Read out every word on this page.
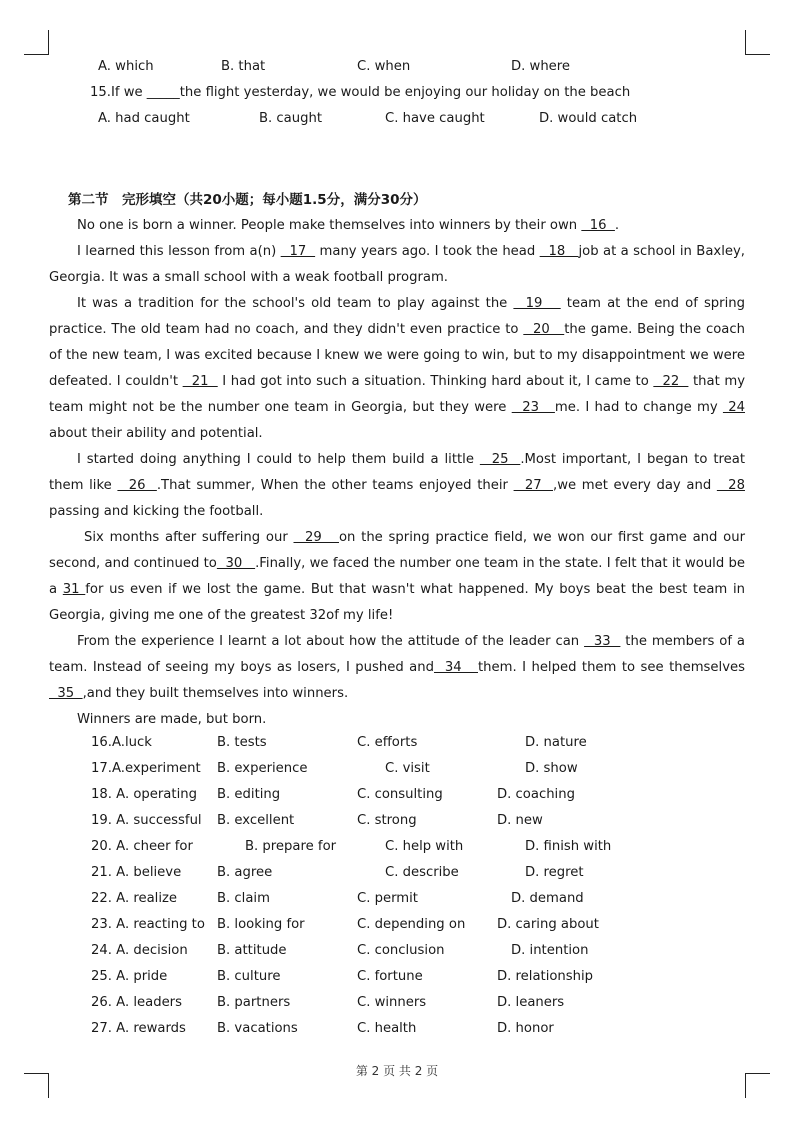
A. which	B. that	C. when	D. where
15.If we _____the flight yesterday, we would be enjoying our holiday on the beach
A. had caught	B. caught	C. have caught	D. would catch
第二节　完形填空（共20小题；每小题1.5分，满分30分）

No one is born a winner. People make themselves into winners by their own   16  .

I learned this lesson from a(n)   17   many years ago. I took the head   18   job at a school in Baxley, Georgia. It was a small school with a weak football program.

It was a tradition for the school's old team to play against the   19    team at the end of spring practice. The old team had no coach, and they didn't even practice to   20   the game. Being the coach of the new team, I was excited because I knew we were going to win, but to my disappointment we were defeated. I couldn't   21   I had got into such a situation. Thinking hard about it, I came to   22   that my team might not be the number one team in Georgia, but they were   23   me. I had to change my  24 about their ability and potential.

I started doing anything I could to help them build a little   25  .Most important, I began to treat them like   26  .That summer, When the other teams enjoyed their   27  ,we met every day and   28 passing and kicking the football.

Six months after suffering our   29   on the spring practice field, we won our first game and our second, and continued to  30   .Finally, we faced the number one team in the state. I felt that it would be a 31 for us even if we lost the game. But that wasn't what happened. My boys beat the best team in Georgia, giving me one of the greatest 32of my life!

From the experience I learnt a lot about how the attitude of the leader can   33   the members of a team. Instead of seeing my boys as losers, I pushed and  34   them. I helped them to see themselves   35  ,and they built themselves into winners.

Winners are made, but born.

16.A.luck	B. tests	C. efforts	D. nature
17.A.experiment B. experience	C. visit	D. show
18. A. operating B. editing	C. consulting	D. coaching
19. A. successful B. excellent	C. strong	D. new
20. A. cheer for	B. prepare for	C. help with	D. finish with
21. A. believe	B. agree	C. describe	D. regret
22. A. realize	B. claim	C. permit	D. demand
23. A. reacting to B. looking for	C. depending on D. caring about
24. A. decision B. attitude	C. conclusion	D. intention
25. A. pride	B. culture	C. fortune	D. relationship
26. A. leaders	B. partners	C. winners	D. leaners
27. A. rewards B. vacations	C. health	D. honor
第 2 页 共 2 页
